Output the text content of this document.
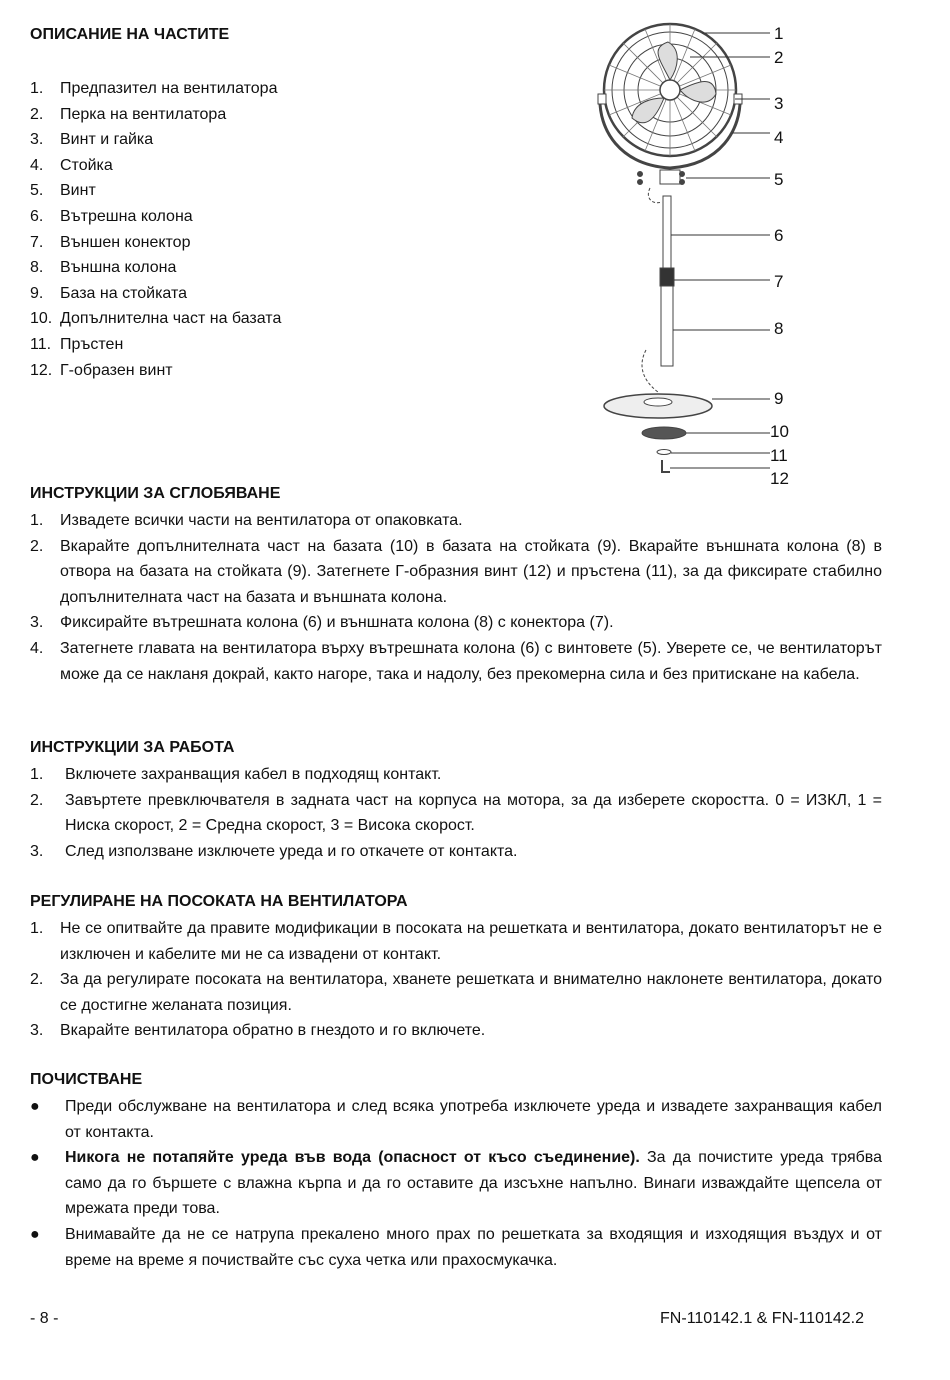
ОПИСАНИЕ НА ЧАСТИТЕ
1. Предпазител на вентилатора
2. Перка на вентилатора
3. Винт и гайка
4. Стойка
5. Винт
6. Вътрешна колона
7. Външен конектор
8. Външна колона
9. База на стойката
10. Допълнителна част на базата
11. Пръстен
12. Г-образен винт
1
2
3
4
5
6
7
8
9
10
11
12
ИНСТРУКЦИИ ЗА СГЛОБЯВАНЕ
1.	Извадете всички части на вентилатора от опаковката.
2.	Вкарайте допълнителната част на базата (10) в базата на стойката (9). Вкарайте външната колона (8) в отвора на базата на стойката (9). Затегнете Г-образния винт (12) и пръстена (11), за да фиксирате стабилно допълнителната част на базата и външната колона.
3.	Фиксирайте вътрешната колона (6) и външната колона (8) с конектора (7).
4.	Затегнете главата на вентилатора върху вътрешната колона (6) с винтовете (5). Уверете се, че вентилаторът може да се накланя докрай, както нагоре, така и надолу, без прекомерна сила и без притискане на кабела.
ИНСТРУКЦИИ ЗА РАБОТА
1.	Включете захранващия кабел в подходящ контакт.
2.	Завъртете превключвателя в задната част на корпуса на мотора, за да изберете скоростта. 0 = ИЗКЛ, 1 = Ниска скорост, 2 = Средна скорост, 3 = Висока скорост.
3.	След използване изключете уреда и го откачете от контакта.
РЕГУЛИРАНЕ НА ПОСОКАТА НА ВЕНТИЛАТОРА
1.	Не се опитвайте да правите модификации в посоката на решетката и вентилатора, докато вентилаторът не е изключен и кабелите ми не са извадени от контакт.
2.	За да регулирате посоката на вентилатора, хванете решетката и внимателно наклонете вентилатора, докато се достигне желаната позиция.
3.	Вкарайте вентилатора обратно в гнездото и го включете.
ПОЧИСТВАНЕ
●	Преди обслужване на вентилатора и след всяка употреба изключете уреда и извадете захранващия кабел от контакта.
●	Никога не потапяйте уреда във вода (опасност от късо съединение). За да почистите уреда трябва само да го бършете с влажна кърпа и да го оставите да изсъхне напълно. Винаги изваждайте щепсела от мрежата преди това.
●	Внимавайте да не се натрупа прекалено много прах по решетката за входящия и изходящия въздух и от време на време я почиствайте със суха четка или прахосмукачка.
- 8 -	FN-110142.1 & FN-110142.2
